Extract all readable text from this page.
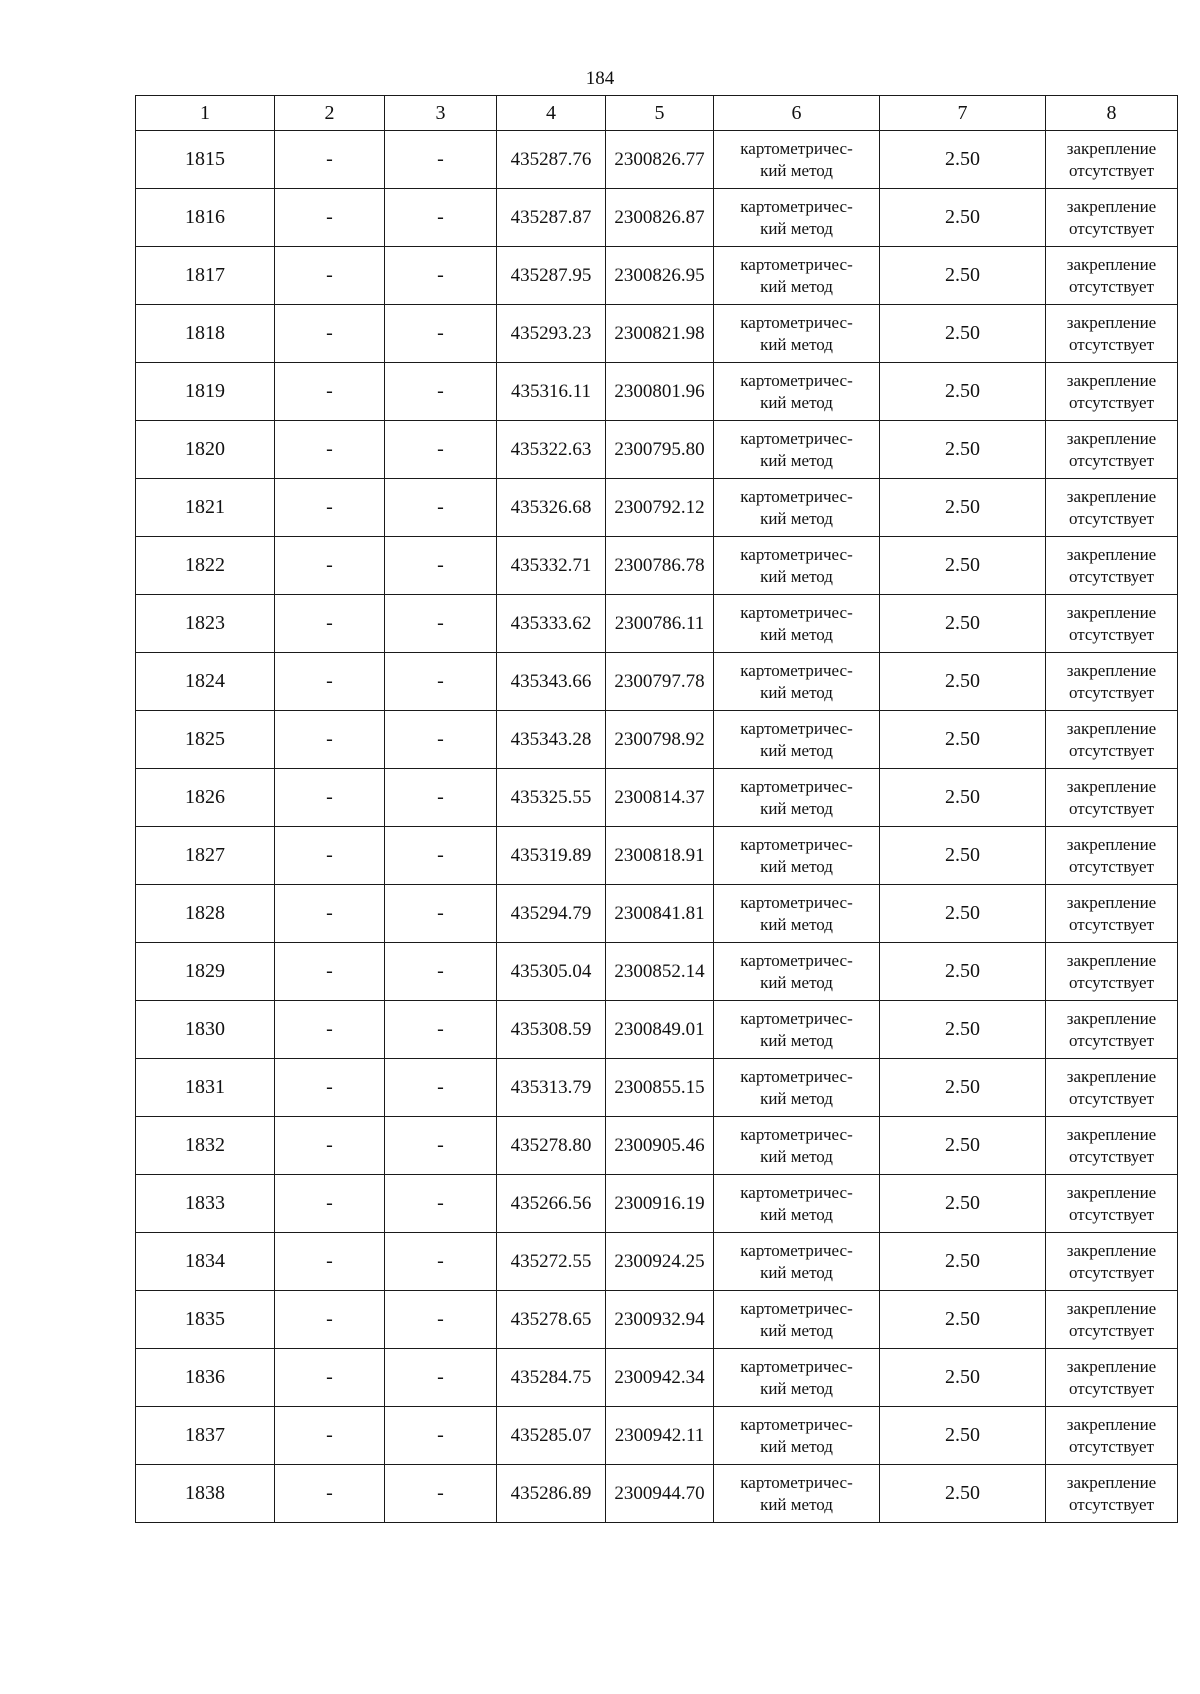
184
1	2	3	4	5	6	7	8
1815	-	-	435287.76	2300826.77	картометричес-
кий метод	2.50	закрепление
отсутствует

1816	-	-	435287.87	2300826.87	картометричес-
кий метод	2.50	закрепление
отсутствует

1817	-	-	435287.95	2300826.95	картометричес-
кий метод	2.50	закрепление
отсутствует

1818	-	-	435293.23	2300821.98	картометричес-
кий метод	2.50	закрепление
отсутствует

1819	-	-	435316.11	2300801.96	картометричес-
кий метод	2.50	закрепление
отсутствует

1820	-	-	435322.63	2300795.80	картометричес-
кий метод	2.50	закрепление
отсутствует

1821	-	-	435326.68	2300792.12	картометричес-
кий метод	2.50	закрепление
отсутствует

1822	-	-	435332.71	2300786.78	картометричес-
кий метод	2.50	закрепление
отсутствует

1823	-	-	435333.62	2300786.11	картометричес-
кий метод	2.50	закрепление
отсутствует

1824	-	-	435343.66	2300797.78	картометричес-
кий метод	2.50	закрепление
отсутствует

1825	-	-	435343.28	2300798.92	картометричес-
кий метод	2.50	закрепление
отсутствует

1826	-	-	435325.55	2300814.37	картометричес-
кий метод	2.50	закрепление
отсутствует

1827	-	-	435319.89	2300818.91	картометричес-
кий метод	2.50	закрепление
отсутствует

1828	-	-	435294.79	2300841.81	картометричес-
кий метод	2.50	закрепление
отсутствует

1829	-	-	435305.04	2300852.14	картометричес-
кий метод	2.50	закрепление
отсутствует

1830	-	-	435308.59	2300849.01	картометричес-
кий метод	2.50	закрепление
отсутствует

1831	-	-	435313.79	2300855.15	картометричес-
кий метод	2.50	закрепление
отсутствует

1832	-	-	435278.80	2300905.46	картометричес-
кий метод	2.50	закрепление
отсутствует

1833	-	-	435266.56	2300916.19	картометричес-
кий метод	2.50	закрепление
отсутствует

1834	-	-	435272.55	2300924.25	картометричес-
кий метод	2.50	закрепление
отсутствует

1835	-	-	435278.65	2300932.94	картометричес-
кий метод	2.50	закрепление
отсутствует

1836	-	-	435284.75	2300942.34	картометричес-
кий метод	2.50	закрепление
отсутствует

1837	-	-	435285.07	2300942.11	картометричес-
кий метод	2.50	закрепление
отсутствует

1838	-	-	435286.89	2300944.70	картометричес-
кий метод	2.50	закрепление
отсутствует
